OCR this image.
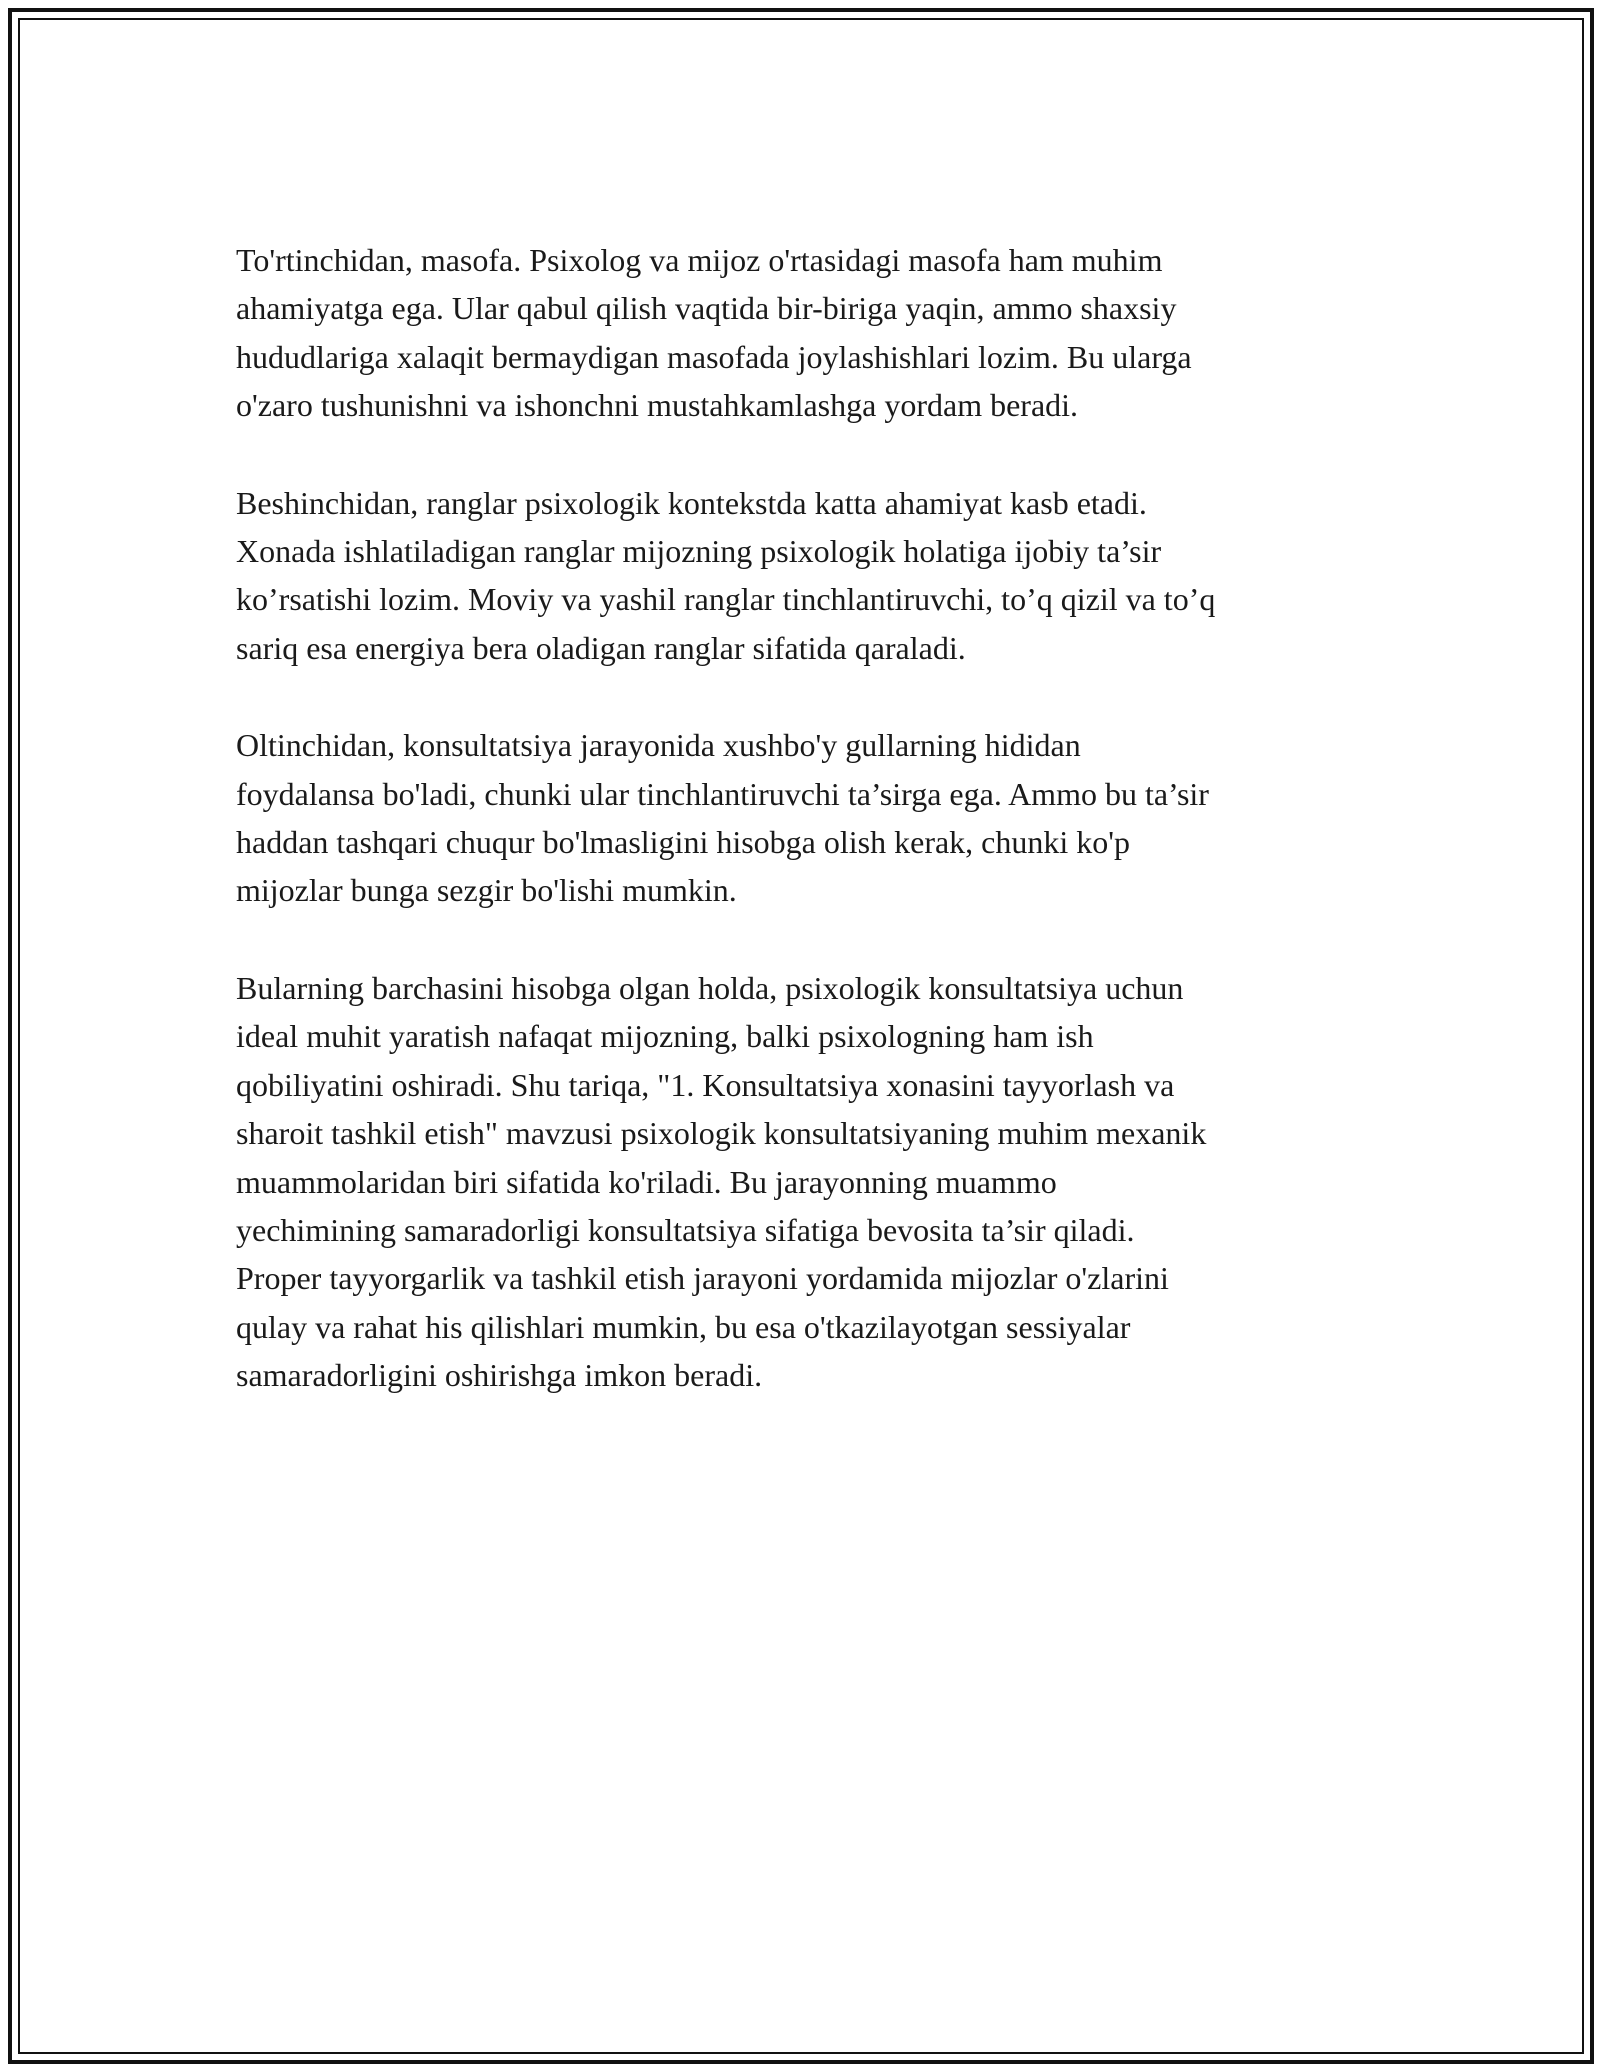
To'rtinchidan, masofa. Psixolog va mijoz o'rtasidagi masofa ham muhim
ahamiyatga ega. Ular qabul qilish vaqtida bir-biriga yaqin, ammo shaxsiy
hududlariga xalaqit bermaydigan masofada joylashishlari lozim. Bu ularga
o'zaro tushunishni va ishonchni mustahkamlashga yordam beradi.

Beshinchidan, ranglar psixologik kontekstda katta ahamiyat kasb etadi.
Xonada ishlatiladigan ranglar mijozning psixologik holatiga ijobiy ta’sir
ko’rsatishi lozim. Moviy va yashil ranglar tinchlantiruvchi, to’q qizil va to’q
sariq esa energiya bera oladigan ranglar sifatida qaraladi.

Oltinchidan, konsultatsiya jarayonida xushbo'y gullarning hididan
foydalansa bo'ladi, chunki ular tinchlantiruvchi ta’sirga ega. Ammo bu ta’sir
haddan tashqari chuqur bo'lmasligini hisobga olish kerak, chunki ko'p
mijozlar bunga sezgir bo'lishi mumkin.

Bularning barchasini hisobga olgan holda, psixologik konsultatsiya uchun
ideal muhit yaratish nafaqat mijozning, balki psixologning ham ish
qobiliyatini oshiradi. Shu tariqa, "1. Konsultatsiya xonasini tayyorlash va
sharoit tashkil etish" mavzusi psixologik konsultatsiyaning muhim mexanik
muammolaridan biri sifatida ko'riladi. Bu jarayonning muammo
yechimining samaradorligi konsultatsiya sifatiga bevosita ta’sir qiladi.
Proper tayyorgarlik va tashkil etish jarayoni yordamida mijozlar o'zlarini
qulay va rahat his qilishlari mumkin, bu esa o'tkazilayotgan sessiyalar
samaradorligini oshirishga imkon beradi.
